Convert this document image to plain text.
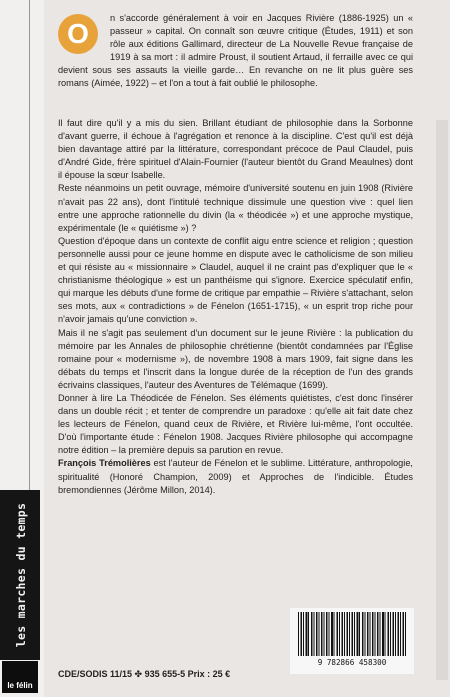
les marches du temps
le félin

O	n s'accorde généralement à voir en Jacques Rivière (1886-1925) un « passeur » capital. On connaît son œuvre critique (Études, 1911) et son rôle aux éditions Gallimard, directeur de La Nouvelle Revue française de 1919 à sa mort : il admire Proust, il soutient Artaud, il ferraille avec ce qui devient sous ses assauts la vieille garde… En revanche on ne lit plus guère ses romans (Aimée, 1922) – et l'on a tout à fait oublié le philosophe.

Il faut dire qu'il y a mis du sien. Brillant étudiant de philosophie dans la Sorbonne d'avant guerre, il échoue à l'agrégation et renonce à la discipline. C'est qu'il est déjà bien davantage attiré par la littérature, correspondant précoce de Paul Claudel, puis d'André Gide, frère spirituel d'Alain-Fournier (l'auteur bientôt du Grand Meaulnes) dont il épouse la sœur Isabelle.

Reste néanmoins un petit ouvrage, mémoire d'université soutenu en juin 1908 (Rivière n'avait pas 22 ans), dont l'intitulé technique dissimule une question vive : quel lien entre une approche rationnelle du divin (la « théodicée ») et une approche mystique, expérimentale (le « quiétisme ») ?

Question d'époque dans un contexte de conflit aigu entre science et religion ; question personnelle aussi pour ce jeune homme en dispute avec le catholicisme de son milieu et qui résiste au « missionnaire » Claudel, auquel il ne craint pas d'expliquer que le « christianisme théologique » est un panthéisme qui s'ignore. Exercice spéculatif enfin, qui marque les débuts d'une forme de critique par empathie – Rivière s'attachant, selon ses mots, aux « contradictions » de Fénelon (1651-1715), « un esprit trop riche pour n'avoir jamais qu'une conviction ».

Mais il ne s'agit pas seulement d'un document sur le jeune Rivière : la publication du mémoire par les Annales de philosophie chrétienne (bientôt condamnées par l'Église romaine pour « modernisme »), de novembre 1908 à mars 1909, fait signe dans les débats du temps et l'inscrit dans la longue durée de la réception de l'un des grands écrivains classiques, l'auteur des Aventures de Télémaque (1699).

Donner à lire La Théodicée de Fénelon. Ses éléments quiétistes, c'est donc l'insérer dans un double récit ; et tenter de comprendre un paradoxe : qu'elle ait fait date chez les lecteurs de Fénelon, quand ceux de Rivière, et Rivière lui-même, l'ont occultée. D'où l'importante étude : Fénelon 1908. Jacques Rivière philosophe qui accompagne notre édition – la première depuis sa parution en revue.

François Trémolières est l'auteur de Fénelon et le sublime. Littérature, anthropologie, spiritualité (Honoré Champion, 2009) et Approches de l'indicible. Études bremondiennes (Jérôme Millon, 2014).

CDE/SODIS 11/15 ✤ 935 655-5 Prix : 25 €
9 782866 458300
